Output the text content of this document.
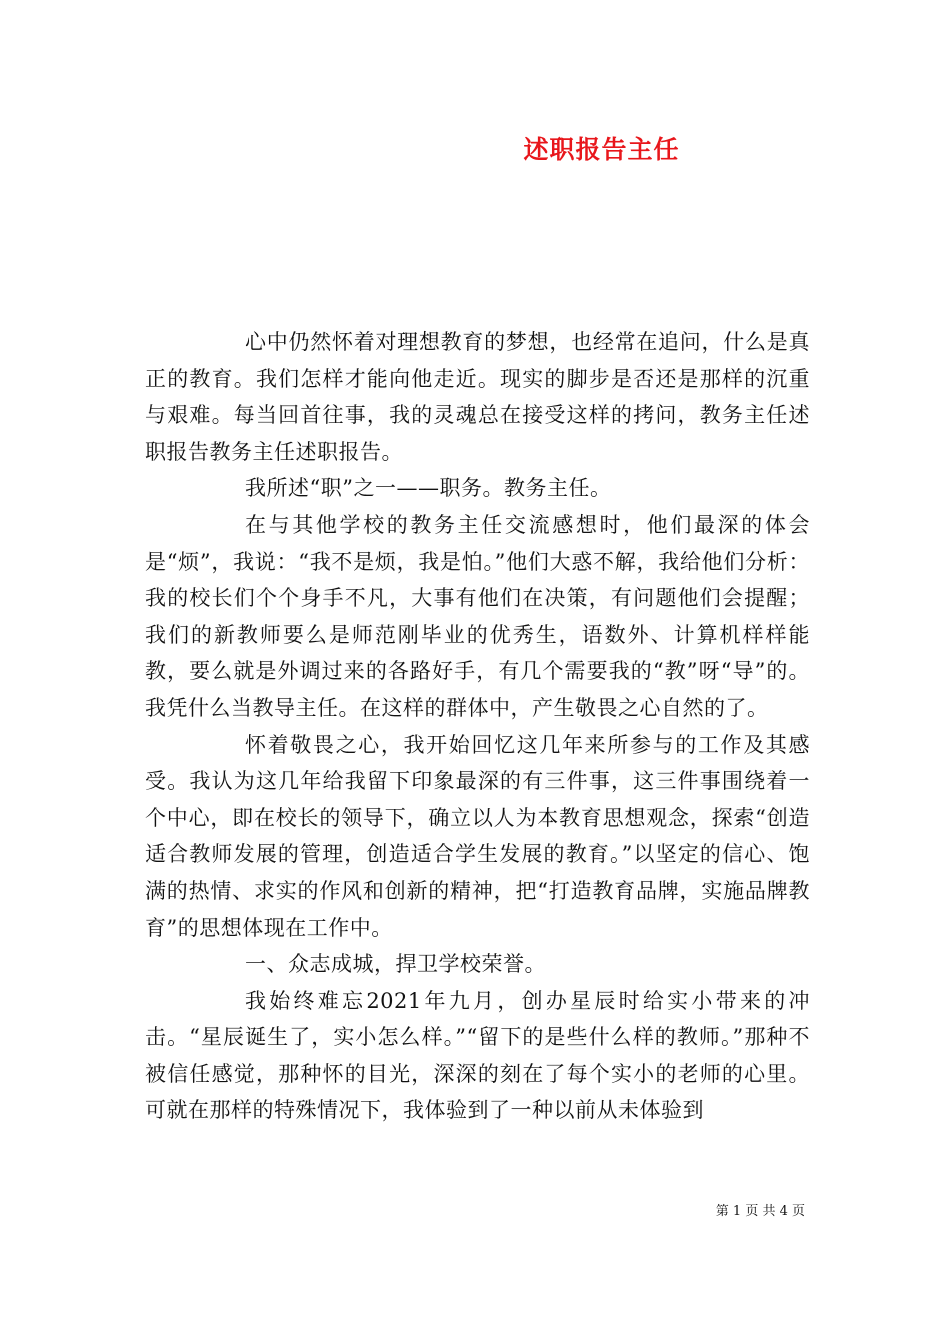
述职报告主任

心中仍然怀着对理想教育的梦想，也经常在追问，什么是真正的教育。我们怎样才能向他走近。现实的脚步是否还是那样的沉重与艰难。每当回首往事，我的灵魂总在接受这样的拷问，教务主任述职报告教务主任述职报告。

我所述“职”之一——职务。教务主任。

在与其他学校的教务主任交流感想时，他们最深的体会是“烦”，我说：“我不是烦，我是怕。”他们大惑不解，我给他们分析：我的校长们个个身手不凡，大事有他们在决策，有问题他们会提醒；我们的新教师要么是师范刚毕业的优秀生，语数外、计算机样样能教，要么就是外调过来的各路好手，有几个需要我的“教”呀“导”的。我凭什么当教导主任。在这样的群体中，产生敬畏之心自然的了。

怀着敬畏之心，我开始回忆这几年来所参与的工作及其感受。我认为这几年给我留下印象最深的有三件事，这三件事围绕着一个中心，即在校长的领导下，确立以人为本教育思想观念，探索“创造适合教师发展的管理，创造适合学生发展的教育。”以坚定的信心、饱满的热情、求实的作风和创新的精神，把“打造教育品牌，实施品牌教育”的思想体现在工作中。

一、众志成城，捍卫学校荣誉。

我始终难忘2021年九月，创办星辰时给实小带来的冲击。“星辰诞生了，实小怎么样。”“留下的是些什么样的教师。”那种不被信任感觉，那种怀的目光，深深的刻在了每个实小的老师的心里。可就在那样的特殊情况下，我体验到了一种以前从未体验到

第 1 页 共 4 页
